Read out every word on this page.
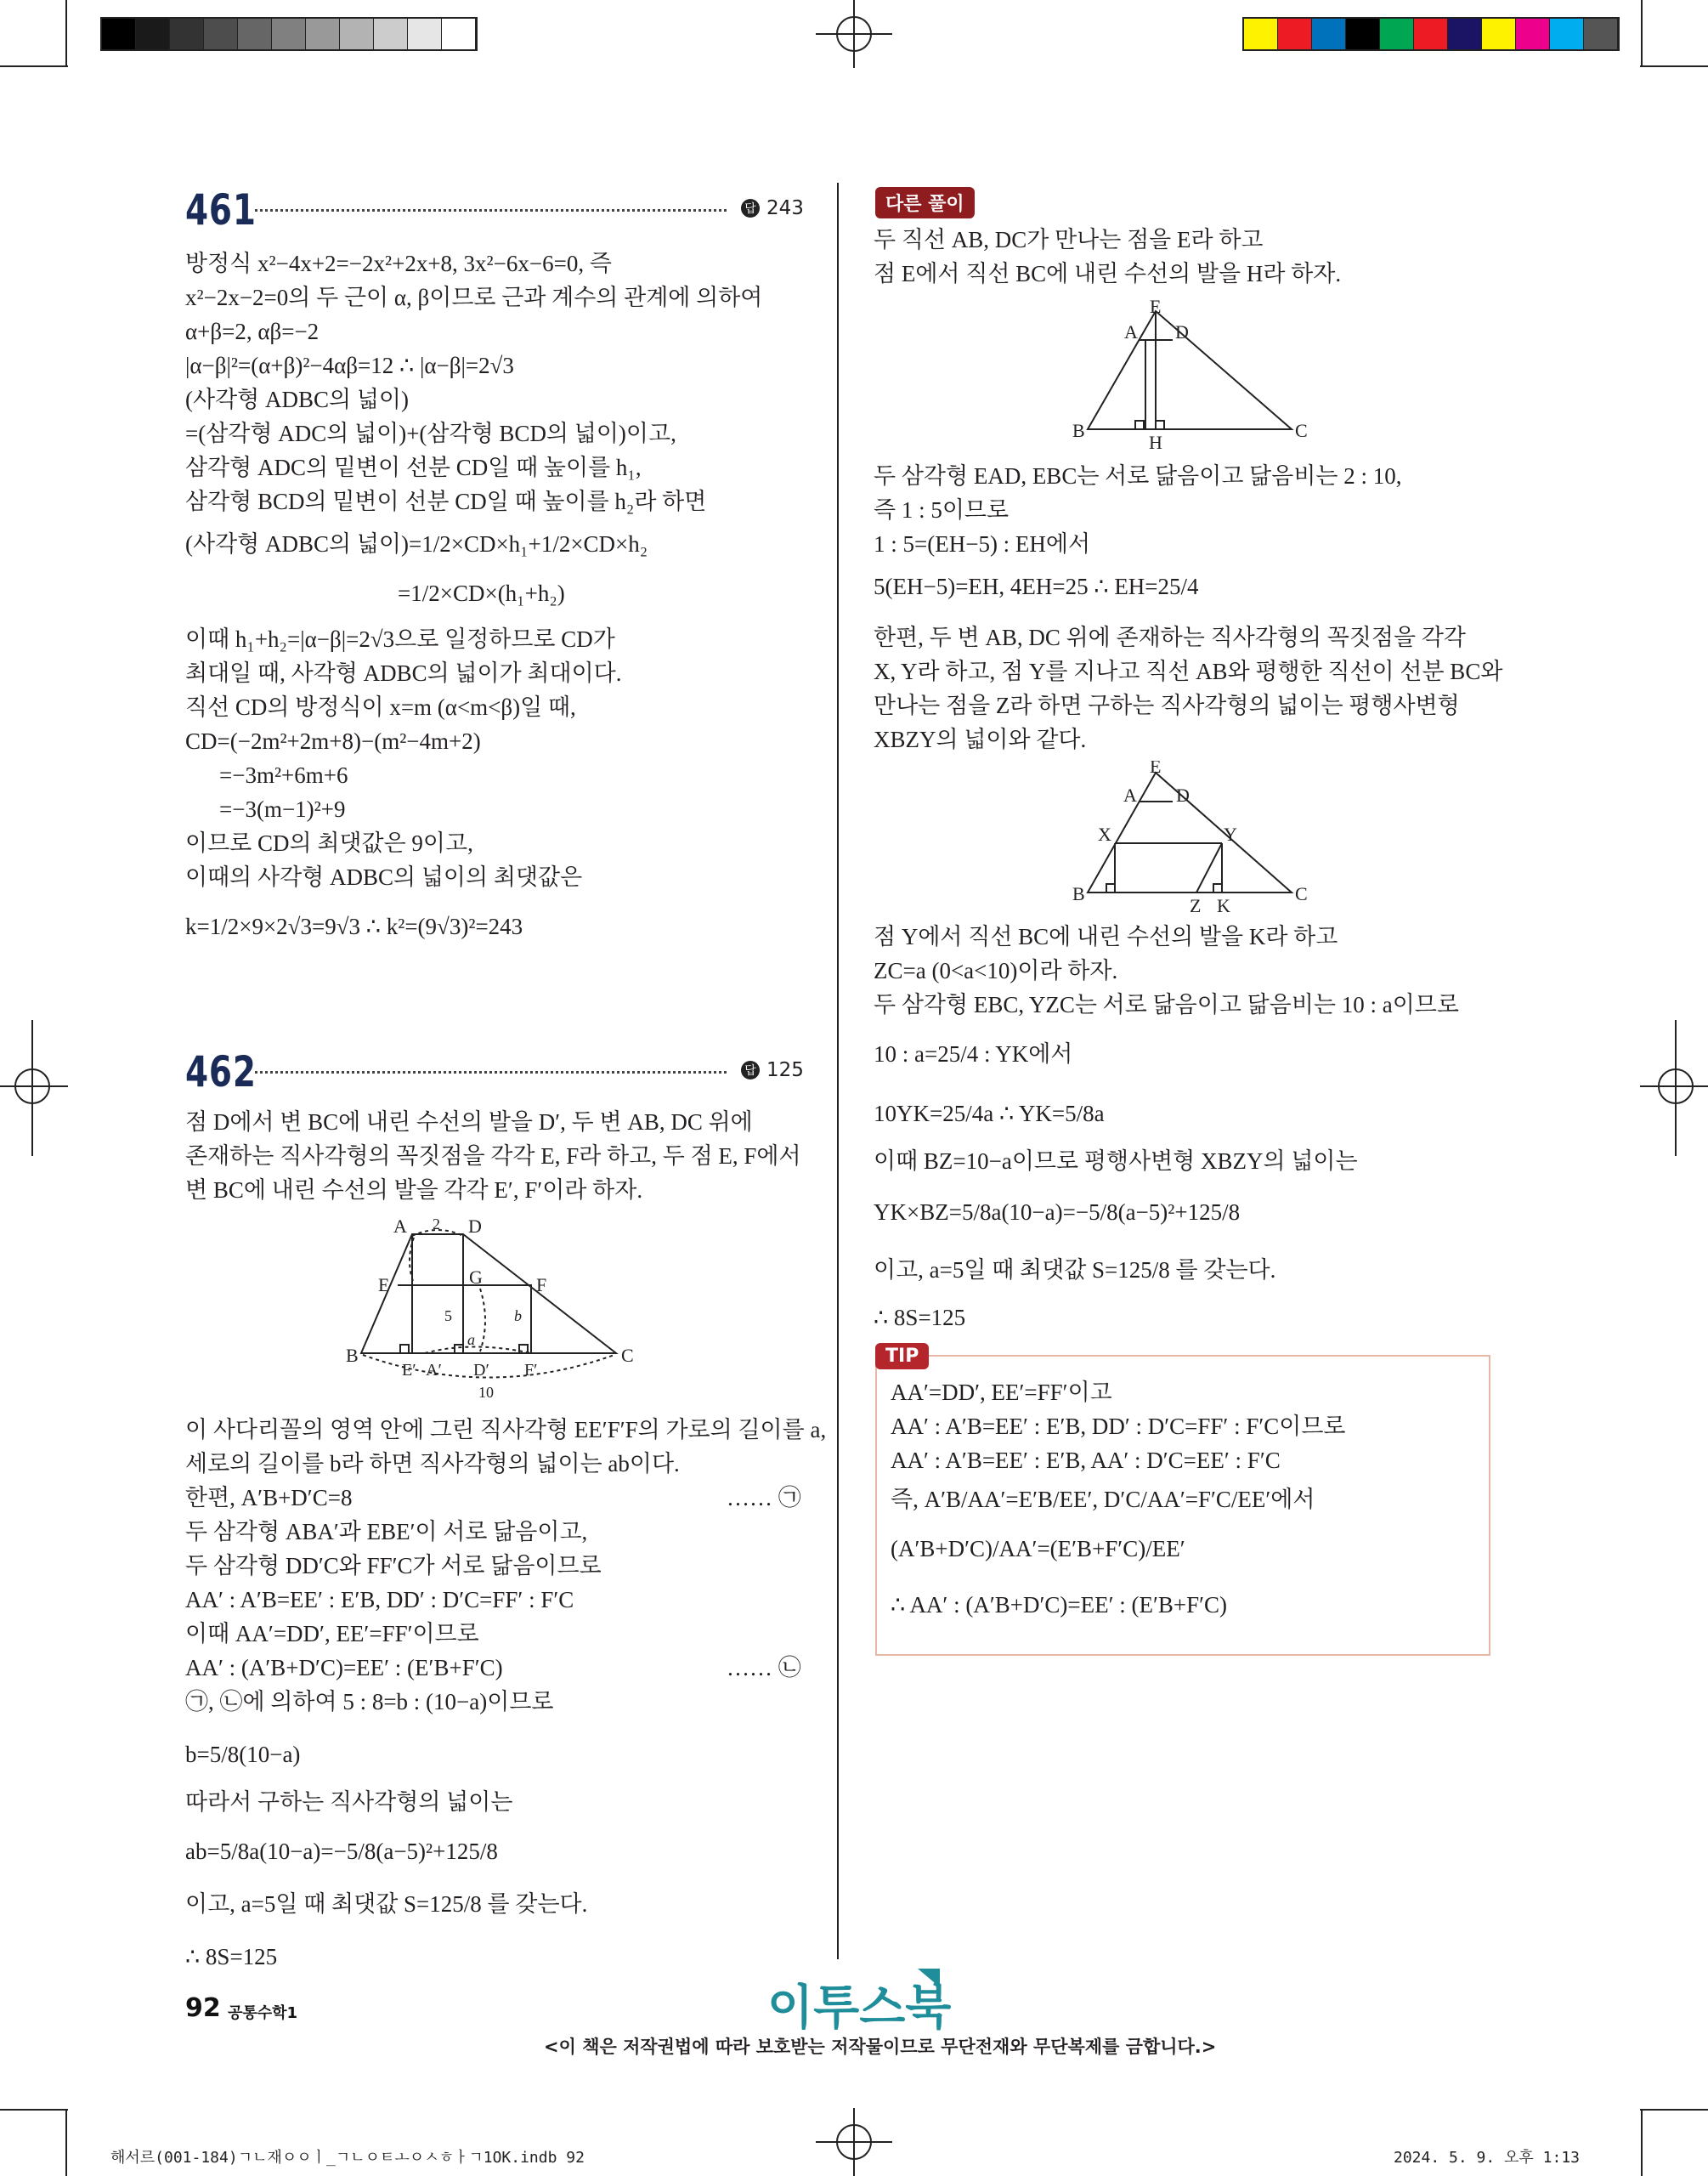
461	답 243
방정식 x²−4x+2=−2x²+2x+8, 3x²−6x−6=0, 즉
x²−2x−2=0의 두 근이 α, β이므로 근과 계수의 관계에 의하여
α+β=2, αβ=−2
|α−β|²=(α+β)²−4αβ=12 ∴ |α−β|=2√3
(사각형 ADBC의 넓이)
=(삼각형 ADC의 넓이)+(삼각형 BCD의 넓이)이고,
삼각형 ADC의 밑변이 선분 CD일 때 높이를 h₁,
삼각형 BCD의 밑변이 선분 CD일 때 높이를 h₂라 하면
(사각형 ADBC의 넓이)=1/2×CD×h₁+1/2×CD×h₂
=1/2×CD×(h₁+h₂)
이때 h₁+h₂=|α−β|=2√3으로 일정하므로 CD가
최대일 때, 사각형 ADBC의 넓이가 최대이다.
직선 CD의 방정식이 x=m (α<m<β)일 때,
CD=(−2m²+2m+8)−(m²−4m+2)
=−3m²+6m+6
=−3(m−1)²+9
이므로 CD의 최댓값은 9이고,
이때의 사각형 ADBC의 넓이의 최댓값은
k=1/2×9×2√3=9√3 ∴ k²=(9√3)²=243
462	답 125
점 D에서 변 BC에 내린 수선의 발을 D′, 두 변 AB, DC 위에
존재하는 직사각형의 꼭짓점을 각각 E, F라 하고, 두 점 E, F에서
변 BC에 내린 수선의 발을 각각 E′, F′이라 하자.
A	D
2
E	G	F
5	b
a
B	C
E′ A′ D′ F′
10
이 사다리꼴의 영역 안에 그린 직사각형 EE′F′F의 가로의 길이를 a,
세로의 길이를 b라 하면 직사각형의 넓이는 ab이다.
한편, A′B+D′C=8
두 삼각형 ABA′과 EBE′이 서로 닮음이고,
두 삼각형 DD′C와 FF′C가 서로 닮음이므로
AA′ : A′B=EE′ : E′B, DD′ : D′C=FF′ : F′C
이때 AA′=DD′, EE′=FF′이므로
AA′ : (A′B+D′C)=EE′ : (E′B+F′C)
㉠, ㉡에 의하여 5 : 8=b : (10−a)이므로
b=5/8(10−a)
따라서 구하는 직사각형의 넓이는
ab=5/8a(10−a)=−5/8(a−5)²+125/8
이고, a=5일 때 최댓값 S=125/8 를 갖는다.
∴ 8S=125
…… ㉠
…… ㉡
다른 풀이
두 직선 AB, DC가 만나는 점을 E라 하고
점 E에서 직선 BC에 내린 수선의 발을 H라 하자.
E
A D
B	C
H
두 삼각형 EAD, EBC는 서로 닮음이고 닮음비는 2 : 10,
즉 1 : 5이므로
1 : 5=(EH−5) : EH에서
5(EH−5)=EH, 4EH=25 ∴ EH=25/4
한편, 두 변 AB, DC 위에 존재하는 직사각형의 꼭짓점을 각각
X, Y라 하고, 점 Y를 지나고 직선 AB와 평행한 직선이 선분 BC와
만나는 점을 Z라 하면 구하는 직사각형의 넓이는 평행사변형
XBZY의 넓이와 같다.
E
A D
X	Y
B	C
Z K
점 Y에서 직선 BC에 내린 수선의 발을 K라 하고
ZC=a (0<a<10)이라 하자.
두 삼각형 EBC, YZC는 서로 닮음이고 닮음비는 10 : a이므로
10 : a=25/4 : YK에서
10YK=25/4a ∴ YK=5/8a
이때 BZ=10−a이므로 평행사변형 XBZY의 넓이는
YK×BZ=5/8a(10−a)=−5/8(a−5)²+125/8
이고, a=5일 때 최댓값 S=125/8 를 갖는다.
∴ 8S=125
TIP
AA′=DD′, EE′=FF′이고
AA′ : A′B=EE′ : E′B, DD′ : D′C=FF′ : F′C이므로
AA′ : A′B=EE′ : E′B, AA′ : D′C=EE′ : F′C
즉, A′B/AA′=E′B/EE′, D′C/AA′=F′C/EE′에서
(A′B+D′C)/AA′=(E′B+F′C)/EE′
∴ AA′ : (A′B+D′C)=EE′ : (E′B+F′C)
92 공통수학1	이투스북
<이 책은 저작권법에 따라 보호받는 저작물이므로 무단전재와 무단복제를 금합니다.>
해서르(001-184)ㄱㄴ재ㅇㅇㅣ_ㄱㄴㅇㅌㅗㅇㅅㅎㅏㄱ1OK.indb 92	2024. 5. 9. 오후 1:13
